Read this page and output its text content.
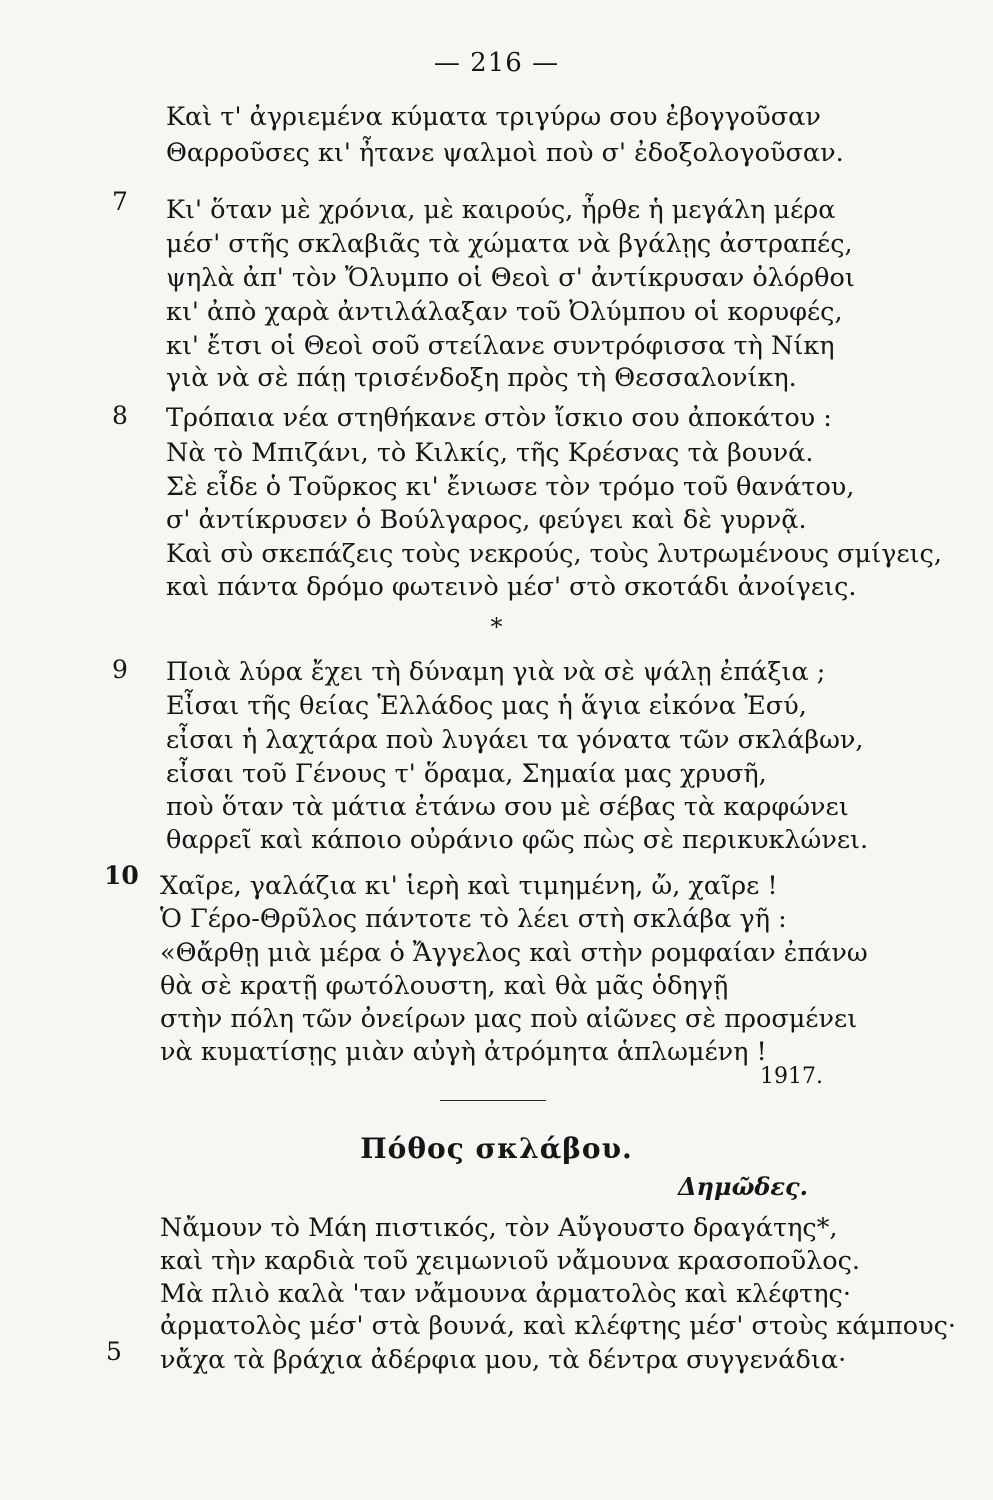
— 216 —
Καὶ τ' ἀγριεμένα κύματα τριγύρω σου ἐβογγοῦσαν
Θαρροῦσες κι' ἦτανε ψαλμοὶ ποὺ σ' ἐδοξολογοῦσαν.
7 Κι' ὅταν μὲ χρόνια, μὲ καιρούς, ἦρθε ἡ μεγάλη μέρα
μέσ' στῆς σκλαβιᾶς τὰ χώματα νὰ βγάλῃς ἀστραπές,
ψηλὰ ἀπ' τὸν Ὄλυμπο οἱ Θεοὶ σ' ἀντίκρυσαν ὀλόρθοι
κι' ἀπὸ χαρὰ ἀντιλάλαξαν τοῦ Ὀλύμπου οἱ κορυφές,
κι' ἔτσι οἱ Θεοὶ σοῦ στείλανε συντρόφισσα τὴ Νίκη
γιὰ νὰ σὲ πάῃ τρισένδοξη πρὸς τὴ Θεσσαλονίκη.
8 Τρόπαια νέα στηθήκανε στὸν ἴσκιο σου ἀποκάτου :
Νὰ τὸ Μπιζάνι, τὸ Κιλκίς, τῆς Κρέσνας τὰ βουνά.
Σὲ εἶδε ὁ Τοῦρκος κι' ἔνιωσε τὸν τρόμο τοῦ θανάτου,
σ' ἀντίκρυσεν ὁ Βούλγαρος, φεύγει καὶ δὲ γυρνᾷ.
Καὶ σὺ σκεπάζεις τοὺς νεκρούς, τοὺς λυτρωμένους σμίγεις,
καὶ πάντα δρόμο φωτεινὸ μέσ' στὸ σκοτάδι ἀνοίγεις.
*
9 Ποιὰ λύρα ἔχει τὴ δύναμη γιὰ νὰ σὲ ψάλῃ ἐπάξια ;
Εἶσαι τῆς θείας Ἑλλάδος μας ἡ ἅγια εἰκόνα Ἐσύ,
εἶσαι ἡ λαχτάρα ποὺ λυγάει τα γόνατα τῶν σκλάβων,
εἶσαι τοῦ Γένους τ' ὅραμα, Σημαία μας χρυσῆ,
ποὺ ὅταν τὰ μάτια ἐτάνω σου μὲ σέβας τὰ καρφώνει
θαρρεῖ καὶ κάποιο οὐράνιο φῶς πὼς σὲ περικυκλώνει.
10 Χαῖρε, γαλάζια κι' ἱερὴ καὶ τιμημένη, ὤ, χαῖρε !
Ὁ Γέρο-Θρῦλος πάντοτε τὸ λέει στὴ σκλάβα γῆ :
«Θἄρθῃ μιὰ μέρα ὁ Ἄγγελος καὶ στὴν ρομφαίαν ἐπάνω
θὰ σὲ κρατῇ φωτόλουστη, καὶ θὰ μᾶς ὁδηγῇ
στὴν πόλη τῶν ὀνείρων μας ποὺ αἰῶνες σὲ προσμένει
νὰ κυματίσῃς μιὰν αὐγὴ ἀτρόμητα ἁπλωμένη !
1917.
Πόθος σκλάβου.
Δημῶδες.
Νἄμουν τὸ Μάη πιστικός, τὸν Αὔγουστο δραγάτης*,
καὶ τὴν καρδιὰ τοῦ χειμωνιοῦ νἄμουνα κρασοποῦλος.
Μὰ πλιὸ καλὰ 'ταν νἄμουνα ἀρματολὸς καὶ κλέφτης·
ἀρματολὸς μέσ' στὰ βουνά, καὶ κλέφτης μέσ' στοὺς κάμπους·
5 νἄχα τὰ βράχια ἀδέρφια μου, τὰ δέντρα συγγενάδια·
